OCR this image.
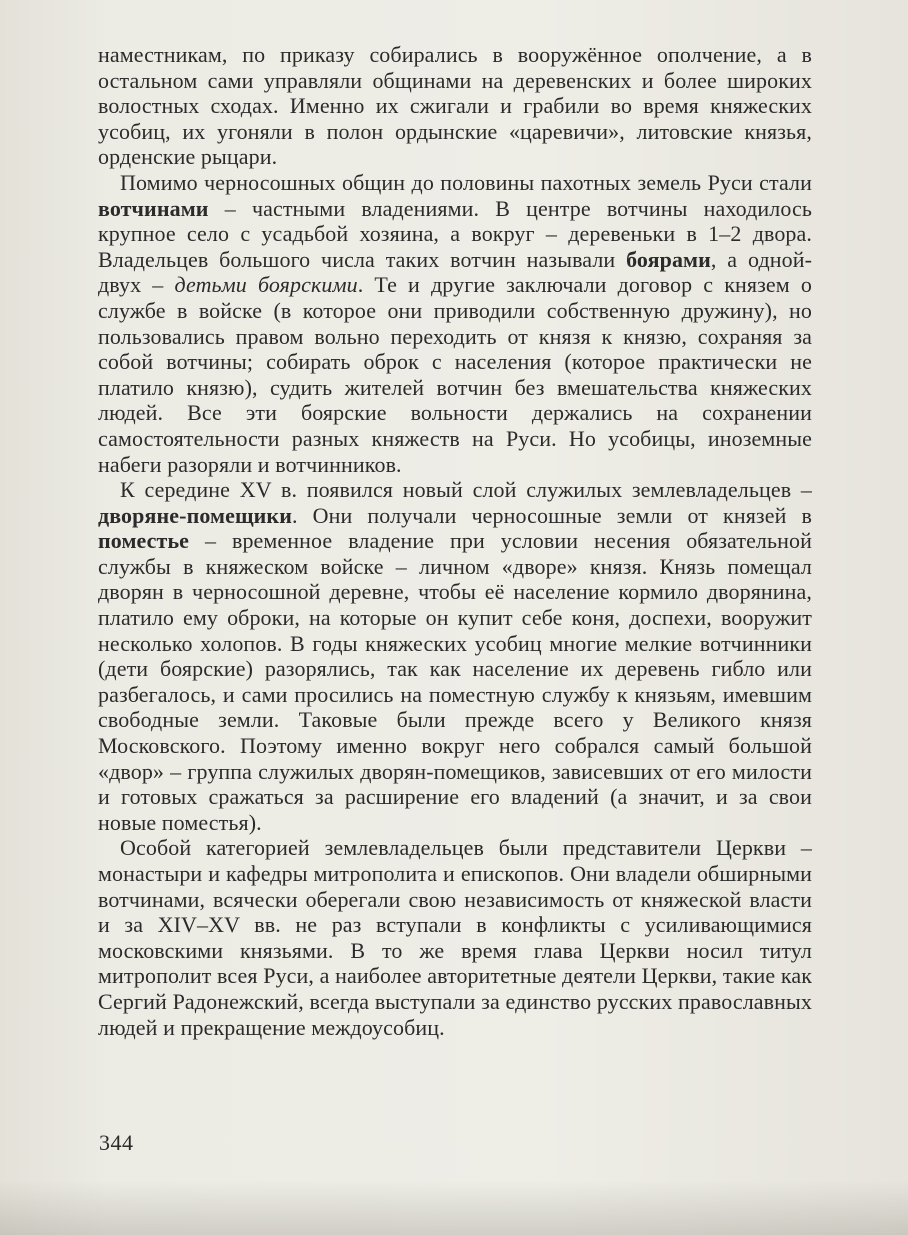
наместникам, по приказу собирались в вооружённое ополчение, а в остальном сами управляли общинами на деревенских и более широких волостных сходах. Именно их сжигали и грабили во время княжеских усобиц, их угоняли в полон ордынские «царевичи», литовские князья, орденские рыцари.

Помимо черносошных общин до половины пахотных земель Руси стали вотчинами – частными владениями. В центре вотчины находилось крупное село с усадьбой хозяина, а вокруг – деревеньки в 1–2 двора. Владельцев большого числа таких вотчин называли боярами, а одной-двух – детьми боярскими. Те и другие заключали договор с князем о службе в войске (в которое они приводили собственную дружину), но пользовались правом вольно переходить от князя к князю, сохраняя за собой вотчины; собирать оброк с населения (которое практически не платило князю), судить жителей вотчин без вмешательства княжеских людей. Все эти боярские вольности держались на сохранении самостоятельности разных княжеств на Руси. Но усобицы, иноземные набеги разоряли и вотчинников.

К середине XV в. появился новый слой служилых землевладельцев – дворяне-помещики. Они получали черносошные земли от князей в поместье – временное владение при условии несения обязательной службы в княжеском войске – личном «дворе» князя. Князь помещал дворян в черносошной деревне, чтобы её население кормило дворянина, платило ему оброки, на которые он купит себе коня, доспехи, вооружит несколько холопов. В годы княжеских усобиц многие мелкие вотчинники (дети боярские) разорялись, так как население их деревень гибло или разбегалось, и сами просились на поместную службу к князьям, имевшим свободные земли. Таковые были прежде всего у Великого князя Московского. Поэтому именно вокруг него собрался самый большой «двор» – группа служилых дворян-помещиков, зависевших от его милости и готовых сражаться за расширение его владений (а значит, и за свои новые поместья).

Особой категорией землевладельцев были представители Церкви – монастыри и кафедры митрополита и епископов. Они владели обширными вотчинами, всячески оберегали свою независимость от княжеской власти и за XIV–XV вв. не раз вступали в конфликты с усиливающимися московскими князьями. В то же время глава Церкви носил титул митрополит всея Руси, а наиболее авторитетные деятели Церкви, такие как Сергий Радонежский, всегда выступали за единство русских православных людей и прекращение междоусобиц.

344
